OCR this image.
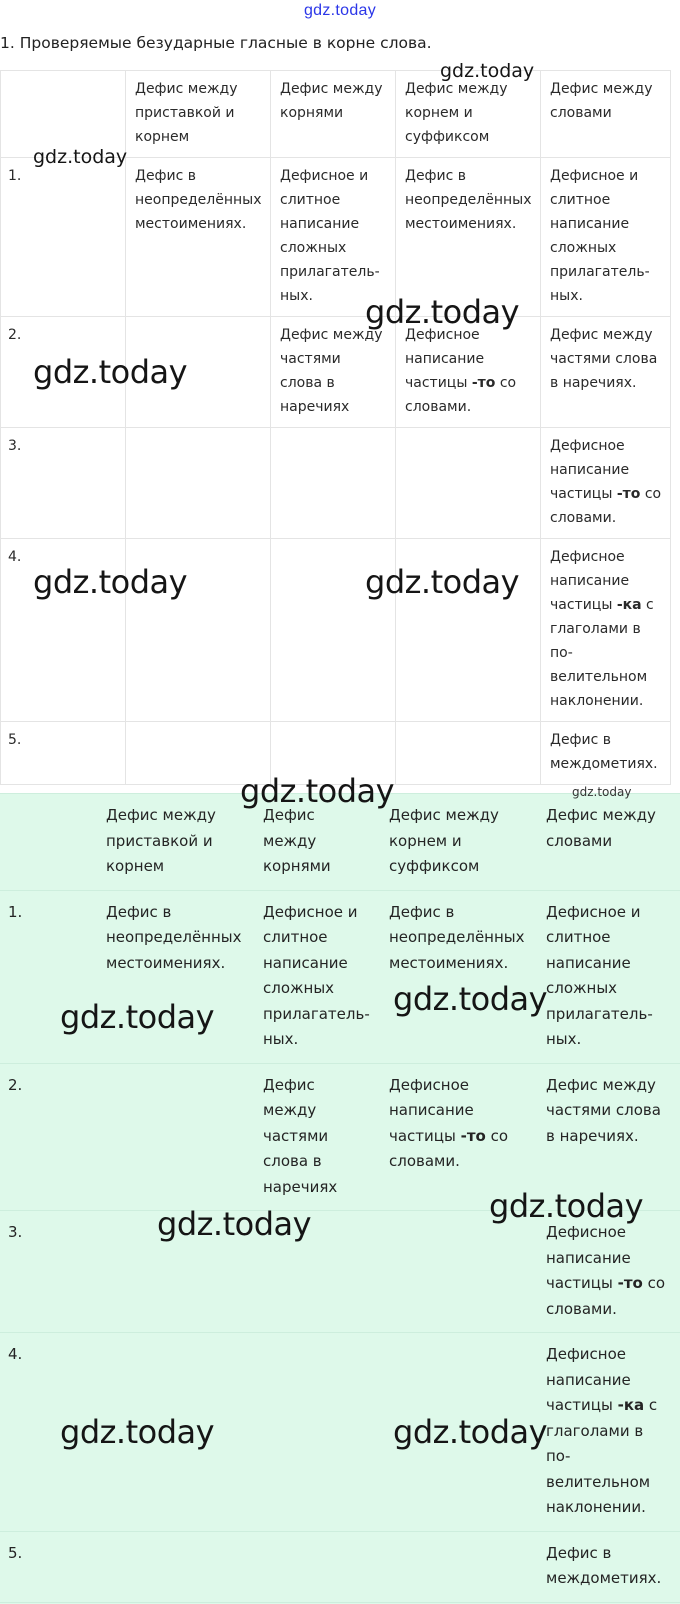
gdz.today
1. Проверяемые безударные гласные в корне слова.
	Дефис между приставкой и корнем	Дефис между корнями	Дефис между корнем и суффиксом	Дефис между словами
1.	Дефис в неопределённых местоимениях.	Дефисное и слитное написание сложных прилагатель-ных.	Дефис в неопределённых местоимениях.	Дефисное и слитное написание сложных прилагатель-ных.
2.		Дефис между частями слова в наречиях	Дефисное написание частицы -то со словами.	Дефис между частями слова в наречиях.
3.				Дефисное написание частицы -то со словами.
4.				Дефисное написание частицы -ка с глаголами в по-велительном наклонении.
5.				Дефис в междометиях.
	Дефис между приставкой и корнем	Дефис между корнями	Дефис между корнем и суффиксом	Дефис между словами
1.	Дефис в неопределённых местоимениях.	Дефисное и слитное написание сложных прилагатель-ных.	Дефис в неопределённых местоимениях.	Дефисное и слитное написание сложных прилагатель-ных.
2.		Дефис между частями слова в наречиях	Дефисное написание частицы -то со словами.	Дефис между частями слова в наречиях.
3.				Дефисное написание частицы -то со словами.
4.				Дефисное написание частицы -ка с глаголами в по-велительном наклонении.
5.				Дефис в междометиях.
gdz.today
gdz.today
gdz.today
gdz.today
gdz.today	gdz.today
gdz.today	gdz.today
gdz.today	gdz.today
gdz.today	gdz.today
gdz.today	gdz.today
